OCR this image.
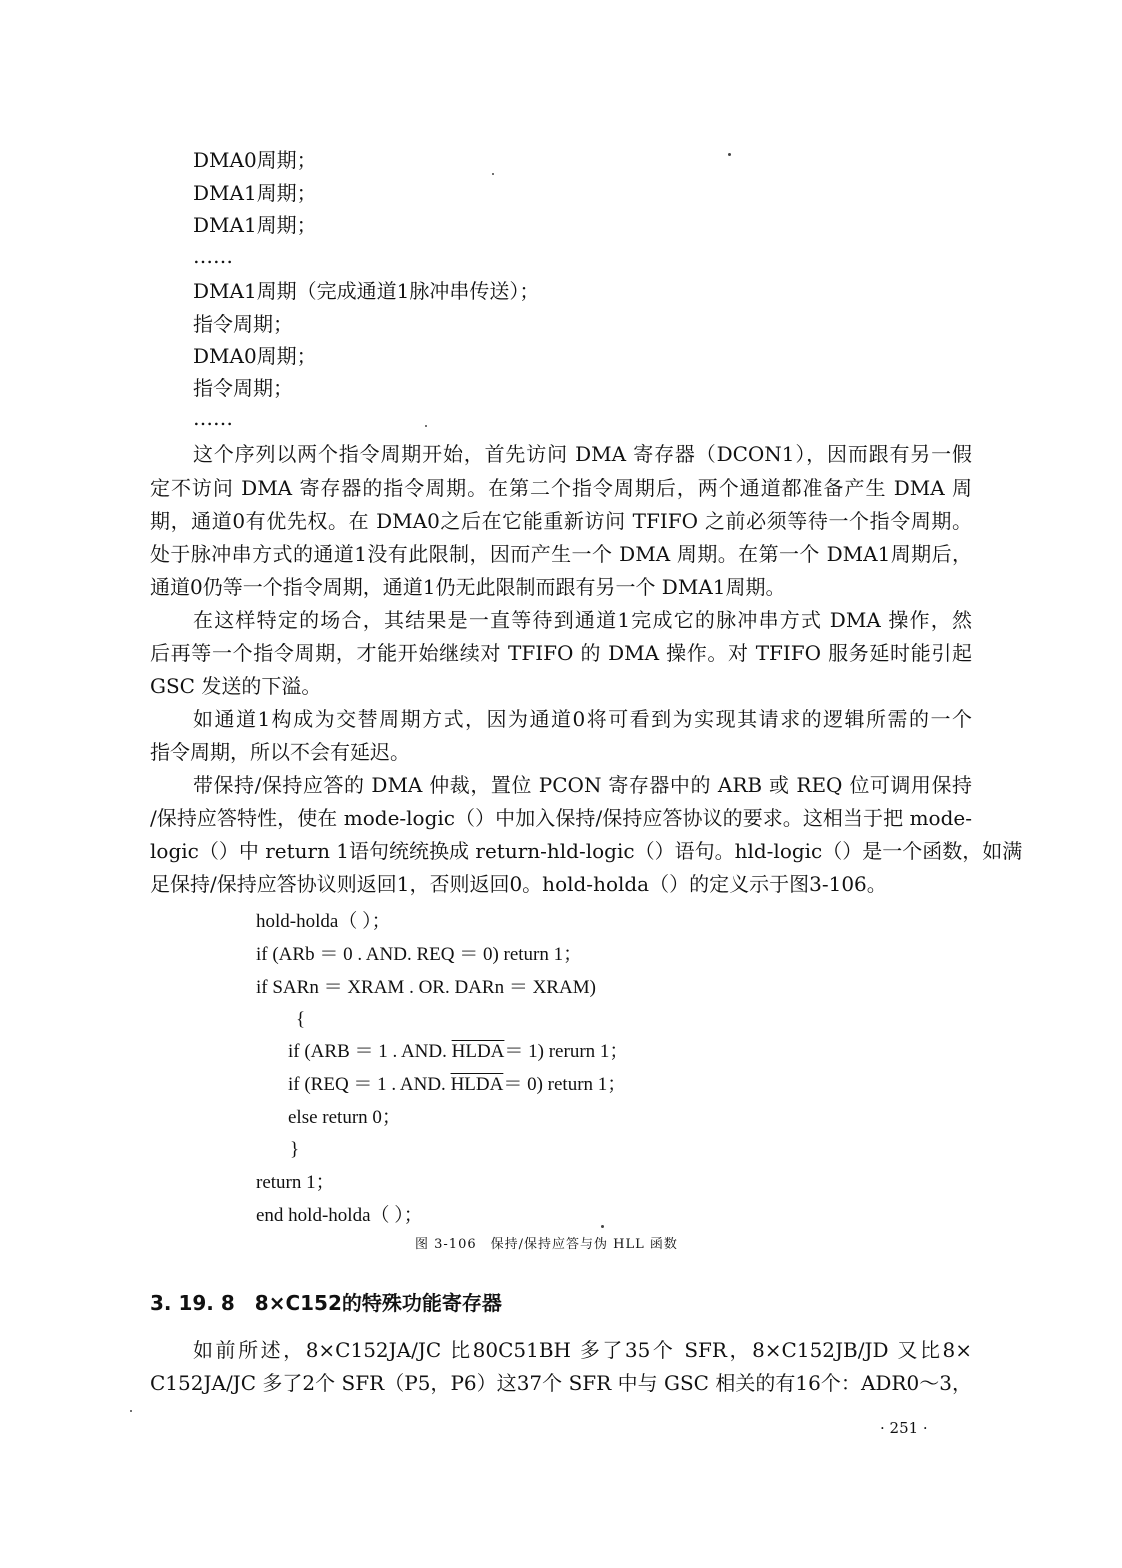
DMA0周期；
DMA1周期；
DMA1周期；
……
DMA1周期（完成通道1脉冲串传送）；
指令周期；
DMA0周期；
指令周期；
……
这个序列以两个指令周期开始，首先访问 DMA 寄存器（DCON1），因而跟有另一假
定不访问 DMA 寄存器的指令周期。在第二个指令周期后，两个通道都准备产生 DMA 周
期，通道0有优先权。在 DMA0之后在它能重新访问 TFIFO 之前必须等待一个指令周期。
处于脉冲串方式的通道1没有此限制，因而产生一个 DMA 周期。在第一个 DMA1周期后，
通道0仍等一个指令周期，通道1仍无此限制而跟有另一个 DMA1周期。
在这样特定的场合，其结果是一直等待到通道1完成它的脉冲串方式 DMA 操作，然
后再等一个指令周期，才能开始继续对 TFIFO 的 DMA 操作。对 TFIFO 服务延时能引起
GSC 发送的下溢。
如通道1构成为交替周期方式，因为通道0将可看到为实现其请求的逻辑所需的一个
指令周期，所以不会有延迟。
带保持/保持应答的 DMA 仲裁，置位 PCON 寄存器中的 ARB 或 REQ 位可调用保持
/保持应答特性，使在 mode-logic（）中加入保持/保持应答协议的要求。这相当于把 mode-
logic（）中 return 1语句统统换成 return-hld-logic（）语句。hld-logic（）是一个函数，如满
足保持/保持应答协议则返回1，否则返回0。hold-holda（）的定义示于图3-106。
hold-holda（ ）；
if (ARb ＝ 0 . AND. REQ ＝ 0) return 1；
if SARn ＝ XRAM . OR. DARn ＝ XRAM)
{
if (ARB ＝ 1 . AND. HLDA＝ 1) rerurn 1；
if (REQ ＝ 1 . AND. HLDA＝ 0) return 1；
else return 0；
}
return 1；
end hold-holda（ ）；
图 3-106　保持/保持应答与伪 HLL 函数
3. 19. 8　8×C152的特殊功能寄存器
如前所述，8×C152JA/JC 比80C51BH 多了35个 SFR，8×C152JB/JD 又比8×
C152JA/JC 多了2个 SFR（P5，P6）这37个 SFR 中与 GSC 相关的有16个：ADR0～3，
· 251 ·
